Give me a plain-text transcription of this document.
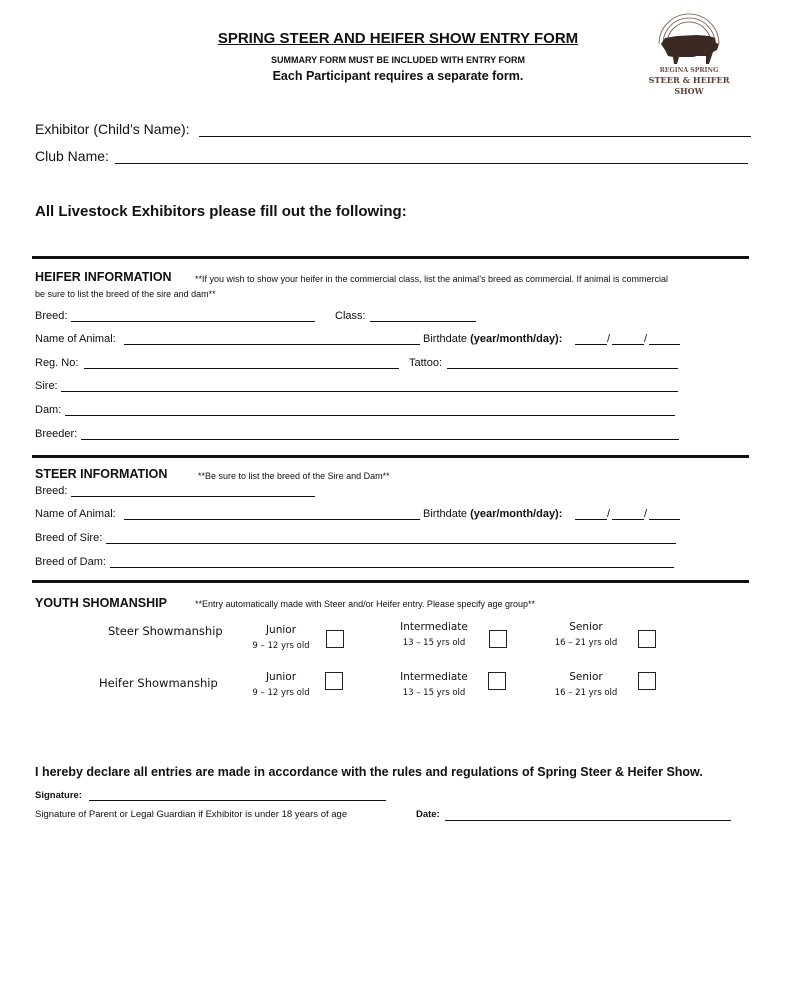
SPRING STEER AND HEIFER SHOW ENTRY FORM
SUMMARY FORM MUST BE INCLUDED WITH ENTRY FORM
Each Participant requires a separate form.	REGINA SPRING
STEER & HEIFER
SHOW
Exhibitor (Child’s Name):
Club Name:
All Livestock Exhibitors please fill out the following:
HEIFER INFORMATION	**If you wish to show your heifer in the commercial class, list the animal’s breed as commercial. If animal is commercial
be sure to list the breed of the sire and dam**
Breed:	Class:
Name of Animal:	Birthdate (year/month/day):	/	/
Reg. No:	Tattoo:
Sire:
Dam:
Breeder:
STEER INFORMATION	**Be sure to list the breed of the Sire and Dam**
Breed:
Name of Animal:	Birthdate (year/month/day):	/	/
Breed of Sire:
Breed of Dam:
YOUTH SHOMANSHIP	**Entry automatically made with Steer and/or Heifer entry. Please specify age group**
Steer Showmanship	Junior
9 – 12 yrs old
Intermediate
13 – 15 yrs old
Senior
16 – 21 yrs old
Heifer Showmanship	Junior
9 – 12 yrs old
Intermediate
13 – 15 yrs old
Senior
16 – 21 yrs old
I hereby declare all entries are made in accordance with the rules and regulations of Spring Steer & Heifer Show.
Signature:
Signature of Parent or Legal Guardian if Exhibitor is under 18 years of age	Date:
